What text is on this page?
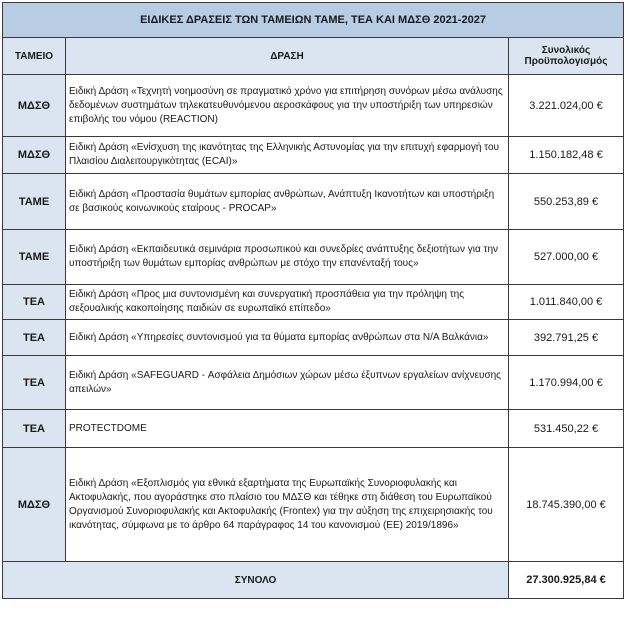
ΕΙΔΙΚΕΣ ΔΡΑΣΕΙΣ ΤΩΝ ΤΑΜΕΙΩΝ ΤΑΜΕ, ΤΕΑ ΚΑΙ ΜΔΣΘ 2021-2027		
ΤΑΜΕΙΟ	ΔΡΑΣΗ	Συνολικός
Προϋπολογισμός
ΜΔΣΘ	Ειδική Δράση «Τεχνητή νοημοσύνη σε πραγματικό χρόνο για επιτήρηση συνόρων μέσω ανάλυσης δεδομένων συστημάτων τηλεκατευθυνόμενου αεροσκάφους για την υποστήριξη των υπηρεσιών επιβολής του νόμου (REACTION)	3.221.024,00 €
ΜΔΣΘ	Ειδική Δράση «Ενίσχυση της ικανότητας της Ελληνικής Αστυνομίας για την επιτυχή εφαρμογή του Πλαισίου Διαλειτουργικότητας (ECAI)»	1.150.182,48 €
ΤΑΜΕ	Ειδική Δράση «Προστασία θυμάτων εμπορίας ανθρώπων, Ανάπτυξη Ικανοτήτων και υποστήριξη σε βασικούς κοινωνικούς εταίρους - PROCAP»	550.253,89 €
ΤΑΜΕ	Ειδική Δράση «Εκπαιδευτικά σεμινάρια προσωπικού και συνεδρίες ανάπτυξης δεξιοτήτων για την υποστήριξη των θυμάτων εμπορίας ανθρώπων με στόχο την επανένταξή τους»	527.000,00 €
ΤΕΑ	Ειδική Δράση «Προς μια συντονισμένη και συνεργατική προσπάθεια για την πρόληψη της σεξουαλικής κακοποίησης παιδιών σε ευρωπαϊκό επίπεδο»	1.011.840,00 €
ΤΕΑ	Ειδική Δράση «Υπηρεσίες συντονισμού για τα θύματα εμπορίας ανθρώπων στα Ν/Α Βαλκάνια»	392.791,25 €
ΤΕΑ	Ειδική Δράση «SAFEGUARD - Ασφάλεια Δημόσιων χώρων μέσω έξυπνων εργαλείων ανίχνευσης απειλών»	1.170.994,00 €
ΤΕΑ	PROTECTDOME	531.450,22 €
ΜΔΣΘ	Ειδική Δράση «Εξοπλισμός για εθνικά εξαρτήματα της Ευρωπαϊκής Συνοριοφυλακής και Ακτοφυλακής, που αγοράστηκε στο πλαίσιο του ΜΔΣΘ και τέθηκε στη διάθεση του Ευρωπαϊκού Οργανισμού Συνοριοφυλακής και Ακτοφυλακής (Frontex) για την αύξηση της επιχειρησιακής του ικανότητας, σύμφωνα με το άρθρο 64 παράγραφος 14 του κανονισμού (ΕΕ) 2019/1896»	18.745.390,00 €
ΣΥΝΟΛΟ		27.300.925,84 €
